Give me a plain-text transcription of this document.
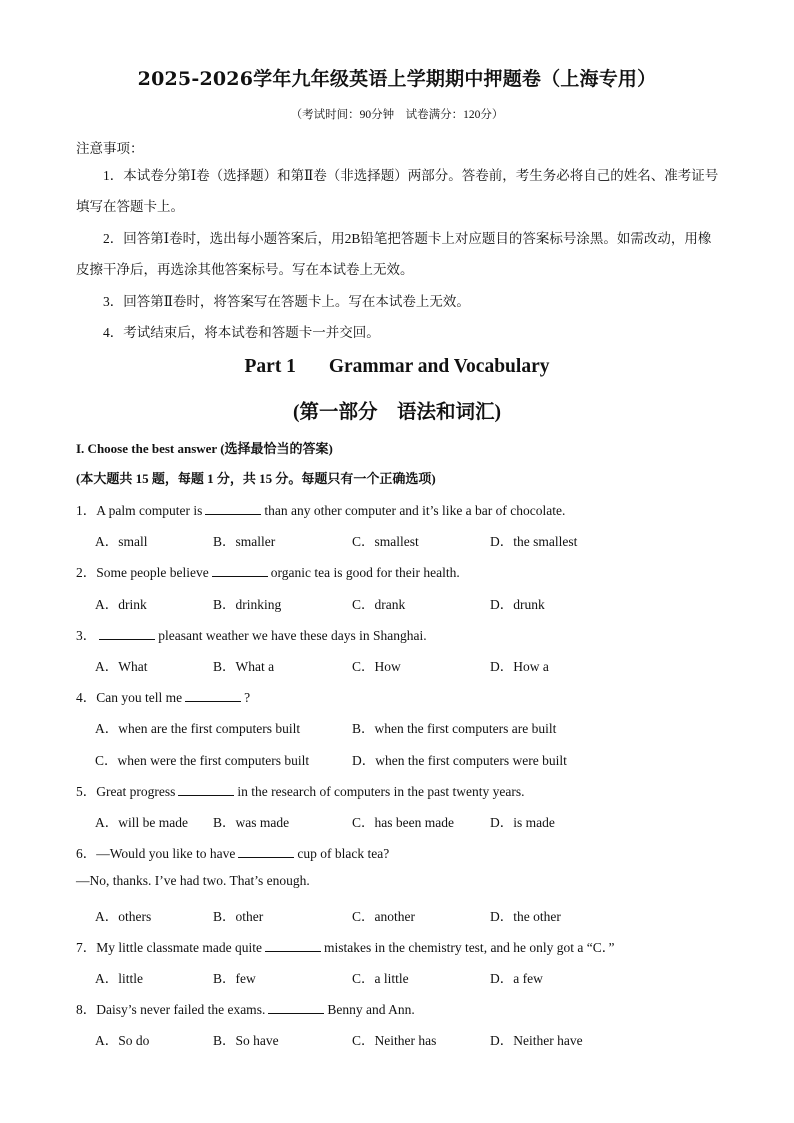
2025-2026学年九年级英语上学期期中押题卷（上海专用）
（考试时间：90分钟　试卷满分：120分）
注意事项：
1．本试卷分第Ⅰ卷（选择题）和第Ⅱ卷（非选择题）两部分。答卷前，考生务必将自己的姓名、准考证号填写在答题卡上。
2．回答第Ⅰ卷时，选出每小题答案后，用2B铅笔把答题卡上对应题目的答案标号涂黑。如需改动，用橡皮擦干净后，再选涂其他答案标号。写在本试卷上无效。
3．回答第Ⅱ卷时，将答案写在答题卡上。写在本试卷上无效。
4．考试结束后，将本试卷和答题卡一并交回。
Part 1 Grammar and Vocabulary
(第一部分　语法和词汇)
I. Choose the best answer (选择最恰当的答案)
(本大题共 15 题，每题 1 分，共 15 分。每题只有一个正确选项)
1．A palm computer is	than any other computer and it’s like a bar of chocolate.
A．small	B．smaller	C．smallest	D．the smallest
2．Some people believe	organic tea is good for their health.
A．drink	B．drinking	C．drank	D．drunk
3．	pleasant weather we have these days in Shanghai.
A．What	B．What a	C．How	D．How a
4．Can you tell me	?
A．when are the first computers built	B．when the first computers are built
C．when were the first computers built	D．when the first computers were built
5．Great progress	in the research of computers in the past twenty years.
A．will be made B．was made	C．has been made	D．is made
6．—Would you like to have	cup of black tea?
—No, thanks. I’ve had two. That’s enough.
A．others	B．other	C．another	D．the other
7．My little classmate made quite	mistakes in the chemistry test, and he only got a “C．”
A．little	B．few	C．a little	D．a few
8．Daisy’s never failed the exams.	Benny and Ann.
A．So do	B．So have	C．Neither has	D．Neither have
